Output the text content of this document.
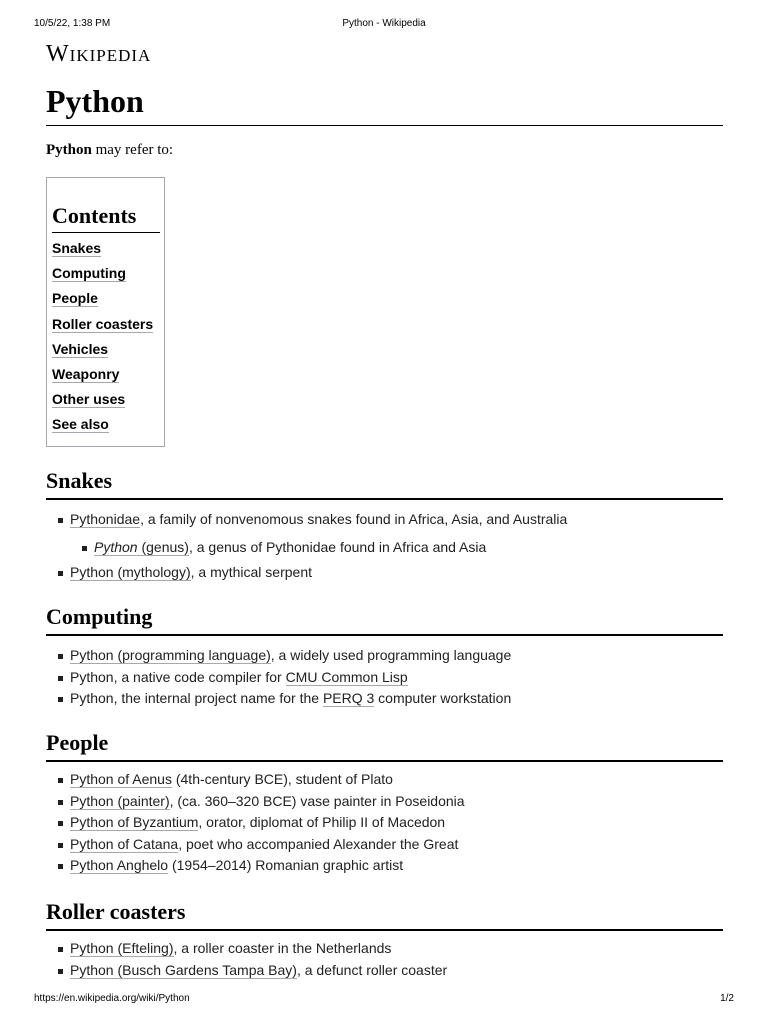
10/5/22, 1:38 PM	Python - Wikipedia
Wikipedia
Python
Python may refer to:
Contents
Snakes
Computing
People
Roller coasters
Vehicles
Weaponry
Other uses
See also
Snakes
Pythonidae, a family of nonvenomous snakes found in Africa, Asia, and Australia
Python (genus), a genus of Pythonidae found in Africa and Asia
Python (mythology), a mythical serpent
Computing
Python (programming language), a widely used programming language
Python, a native code compiler for CMU Common Lisp
Python, the internal project name for the PERQ 3 computer workstation
People
Python of Aenus (4th-century BCE), student of Plato
Python (painter), (ca. 360–320 BCE) vase painter in Poseidonia
Python of Byzantium, orator, diplomat of Philip II of Macedon
Python of Catana, poet who accompanied Alexander the Great
Python Anghelo (1954–2014) Romanian graphic artist
Roller coasters
Python (Efteling), a roller coaster in the Netherlands
Python (Busch Gardens Tampa Bay), a defunct roller coaster
https://en.wikipedia.org/wiki/Python	1/2
